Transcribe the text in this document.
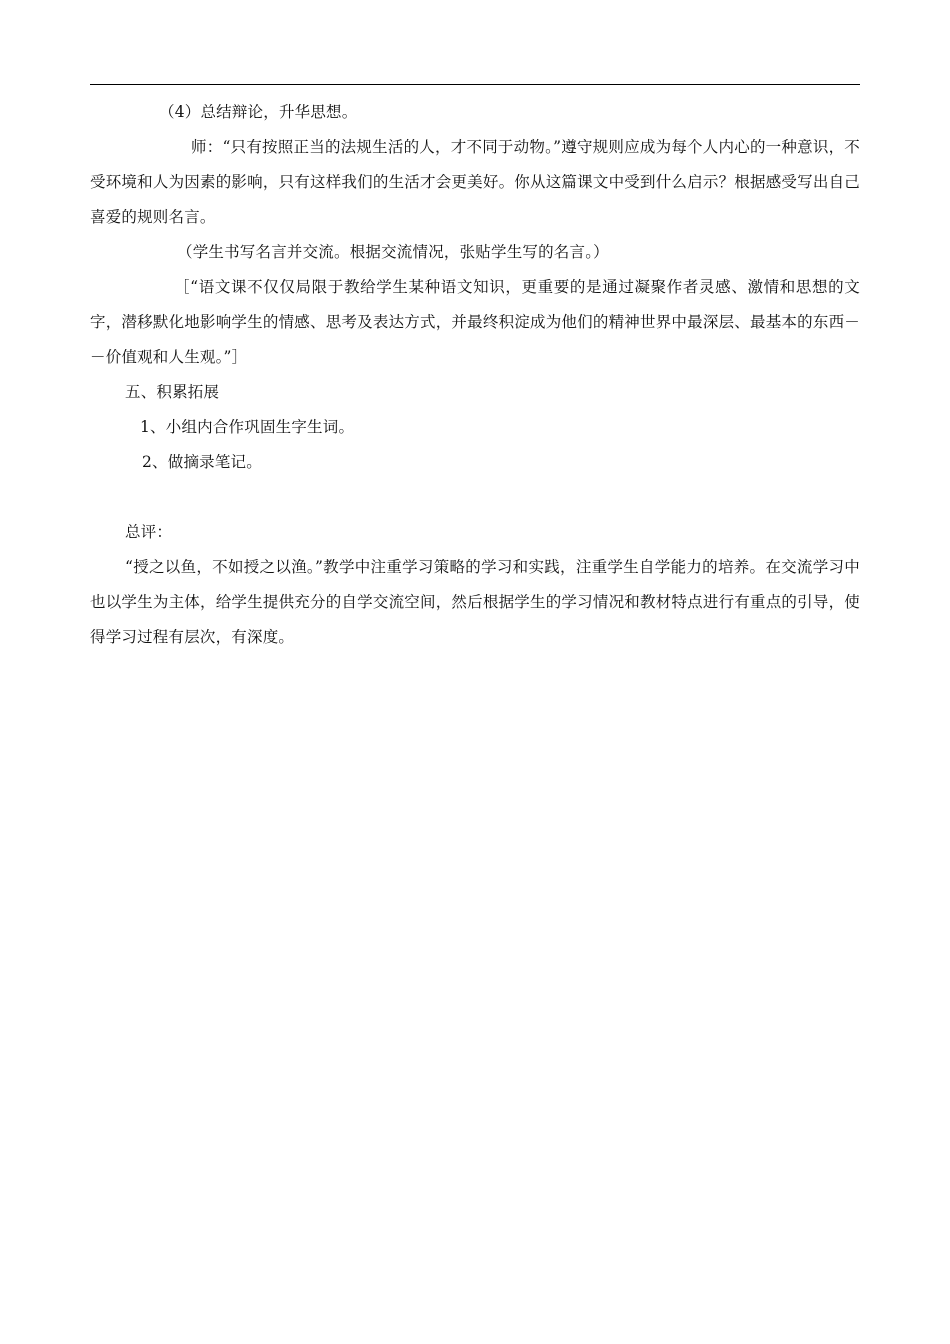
（4）总结辩论，升华思想。

师：“只有按照正当的法规生活的人，才不同于动物。”遵守规则应成为每个人内心的一种意识，不受环境和人为因素的影响，只有这样我们的生活才会更美好。你从这篇课文中受到什么启示？根据感受写出自己喜爱的规则名言。

（学生书写名言并交流。根据交流情况，张贴学生写的名言。）

［“语文课不仅仅局限于教给学生某种语文知识，更重要的是通过凝聚作者灵感、激情和思想的文字，潜移默化地影响学生的情感、思考及表达方式，并最终积淀成为他们的精神世界中最深层、最基本的东西－－价值观和人生观。”］

五、积累拓展

1、小组内合作巩固生字生词。

2、做摘录笔记。

总评：

“授之以鱼，不如授之以渔。”教学中注重学习策略的学习和实践，注重学生自学能力的培养。在交流学习中也以学生为主体，给学生提供充分的自学交流空间，然后根据学生的学习情况和教材特点进行有重点的引导，使得学习过程有层次，有深度。
